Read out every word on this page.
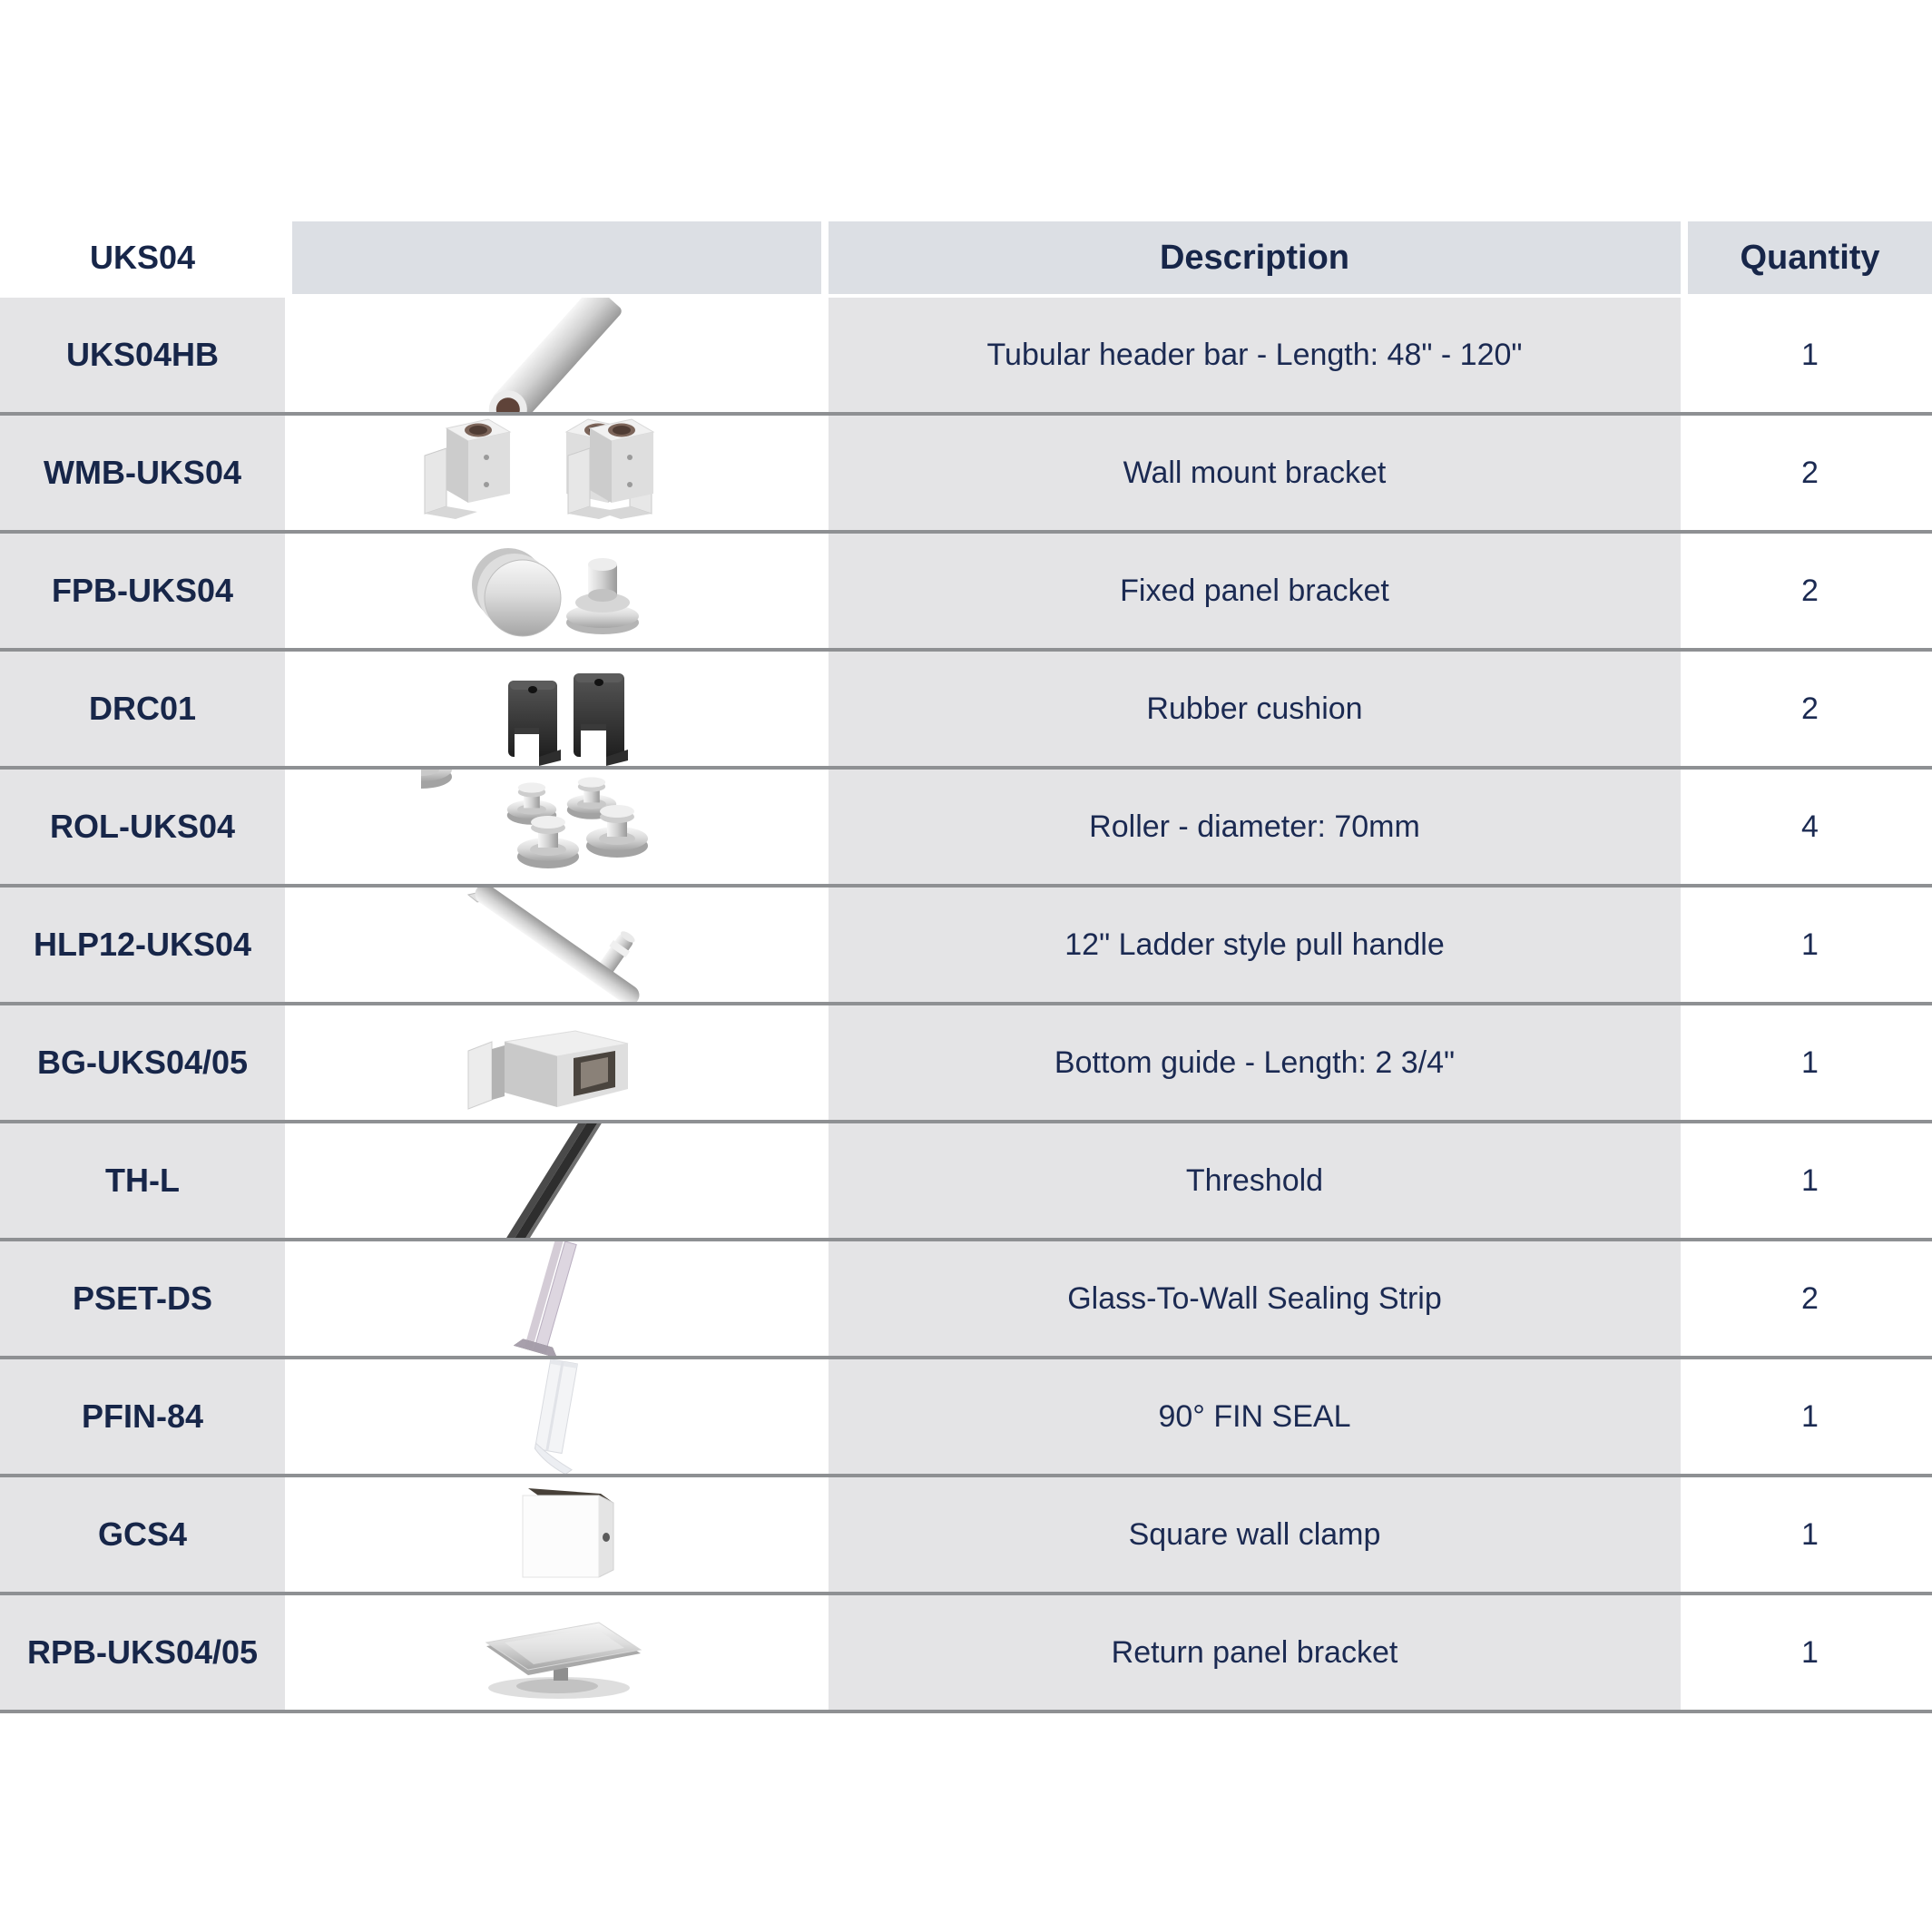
UKS04	Description	Quantity
UKS04HB	Tubular header bar - Length: 48" - 120"	1
WMB-UKS04	Wall mount bracket	2
FPB-UKS04	Fixed panel bracket	2
DRC01	Rubber cushion	2
ROL-UKS04	Roller - diameter: 70mm	4
HLP12-UKS04	12" Ladder style pull handle	1
BG-UKS04/05	Bottom guide - Length: 2 3/4"	1
TH-L	Threshold	1
PSET-DS	Glass-To-Wall Sealing Strip	2
PFIN-84	90° FIN SEAL	1
GCS4	Square wall clamp	1
RPB-UKS04/05	Return panel bracket	1
